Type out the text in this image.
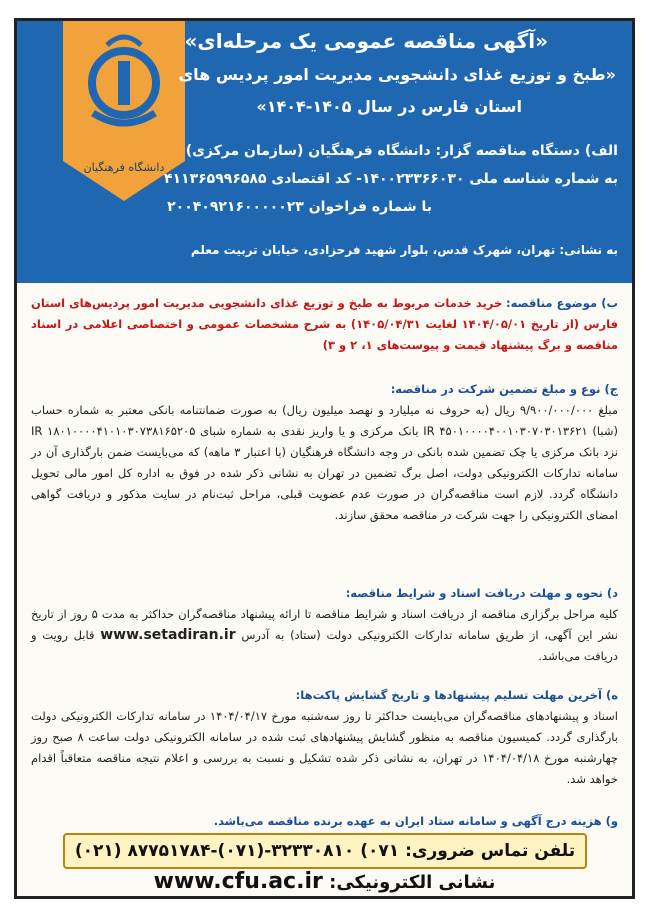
دانشگاه فرهنگیان
«آگهی مناقصه عمومی یک مرحله‌ای»
«طبخ و توزیع غذای دانشجویی مدیریت امور پردیس های
استان فارس در سال ۱۴۰۵-۱۴۰۴»
الف) دستگاه مناقصه گزار: دانشگاه فرهنگیان (سازمان مرکزی)
به شماره شناسه ملی ۱۴۰۰۲۳۳۶۶۰۳۰- کد اقتصادی ۴۱۱۳۶۵۹۹۶۵۸۵
با شماره فراخوان ۲۰۰۴۰۹۲۱۶۰۰۰۰۰۲۳
به نشانی: تهران، شهرک قدس، بلوار شهید فرحزادی، خیابان تربیت معلم

ب) موضوع مناقصه: خرید خدمات مربوط به طبخ و توزیع غذای دانشجویی مدیریت امور پردیس‌های استان فارس (از تاریخ ۱۴۰۴/۰۵/۰۱ لغایت ۱۴۰۵/۰۴/۳۱) به شرح مشخصات عمومی و اختصاصی اعلامی در اسناد مناقصه و برگ پیشنهاد قیمت و پیوست‌های ۱، ۲ و ۳)

ج) نوع و مبلغ تضمین شرکت در مناقصه:

مبلغ ۹/۹۰۰/۰۰۰/۰۰۰ ریال (به حروف نه میلیارد و نهصد میلیون ریال) به صورت ضمانتنامه بانکی معتبر به شماره حساب (شبا) IR ۴۵۰۱۰۰۰۰۴۰۰۱۰۳۰۷۰۳۰۱۳۶۲۱ بانک مرکزی و یا واریز نقدی به شماره شبای IR ۱۸۰۱۰۰۰۰۴۱۰۱۰۳۰۷۳۸۱۶۵۲۰۵ نزد بانک مرکزی یا چک تضمین شده بانکی در وجه دانشگاه فرهنگیان (با اعتبار ۳ ماهه) که می‌بایست ضمن بارگذاری آن در سامانه تدارکات الکترونیکی دولت، اصل برگ تضمین در تهران به نشانی ذکر شده در فوق به اداره کل امور مالی تحویل دانشگاه گردد. لازم است مناقصه‌گران در صورت عدم عضویت قبلی، مراحل ثبت‌نام در سایت مذکور و دریافت گواهی امضای الکترونیکی را جهت شرکت در مناقصه محقق سازند.

د) نحوه و مهلت دریافت اسناد و شرایط مناقصه:

کلیه مراحل برگزاری مناقصه از دریافت اسناد و شرایط مناقصه تا ارائه پیشنهاد مناقصه‌گران حداکثر به مدت ۵ روز از تاریخ نشر این آگهی، از طریق سامانه تدارکات الکترونیکی دولت (ستاد) به آدرس www.setadiran.ir قابل رویت و دریافت می‌باشد.

ه) آخرین مهلت تسلیم پیشنهادها و تاریخ گشایش پاکت‌ها:

اسناد و پیشنهادهای مناقصه‌گران می‌بایست حداکثر تا روز سه‌شنبه مورخ ۱۴۰۴/۰۴/۱۷ در سامانه تدارکات الکترونیکی دولت بارگذاری گردد. کمیسیون مناقصه به منظور گشایش پیشنهادهای ثبت شده در سامانه الکترونیکی دولت ساعت ۸ صبح روز چهارشنبه مورخ ۱۴۰۴/۰۴/۱۸ در تهران، به نشانی ذکر شده تشکیل و نسبت به بررسی و اعلام نتیجه مناقصه متعاقباً اقدام خواهد شد.

و) هزینه درج آگهی و سامانه ستاد ایران به عهده برنده مناقصه می‌باشد.

تلفن تماس ضروری: ۰۷۱) ۳۲۳۳۰۸۱۰-(۰۷۱)-۸۷۷۵۱۷۸۴ (۰۲۱)
نشانی الکترونیکی: www.cfu.ac.ir
